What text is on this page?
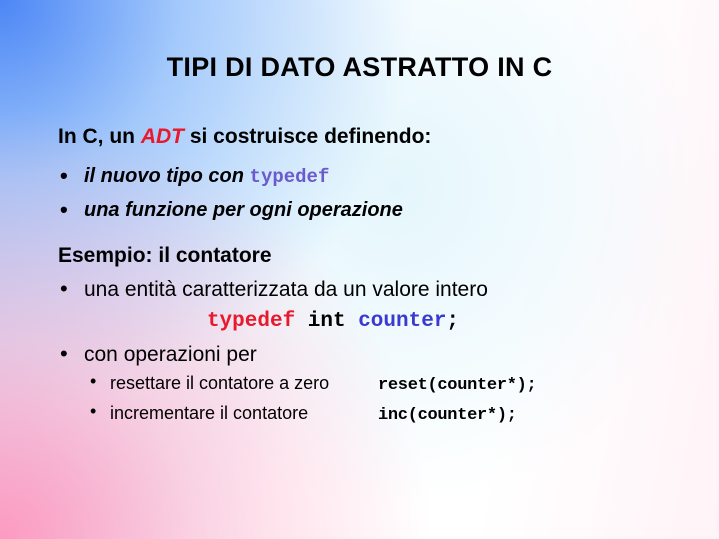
TIPI DI DATO ASTRATTO IN C
In C, un ADT si costruisce definendo:
• il nuovo tipo con typedef
• una funzione per ogni operazione
Esempio: il contatore
• una entità caratterizzata da un valore intero
typedef int counter;
• con operazioni per
• resettare il contatore a zero	reset(counter*);
• incrementare il contatore	inc(counter*);
